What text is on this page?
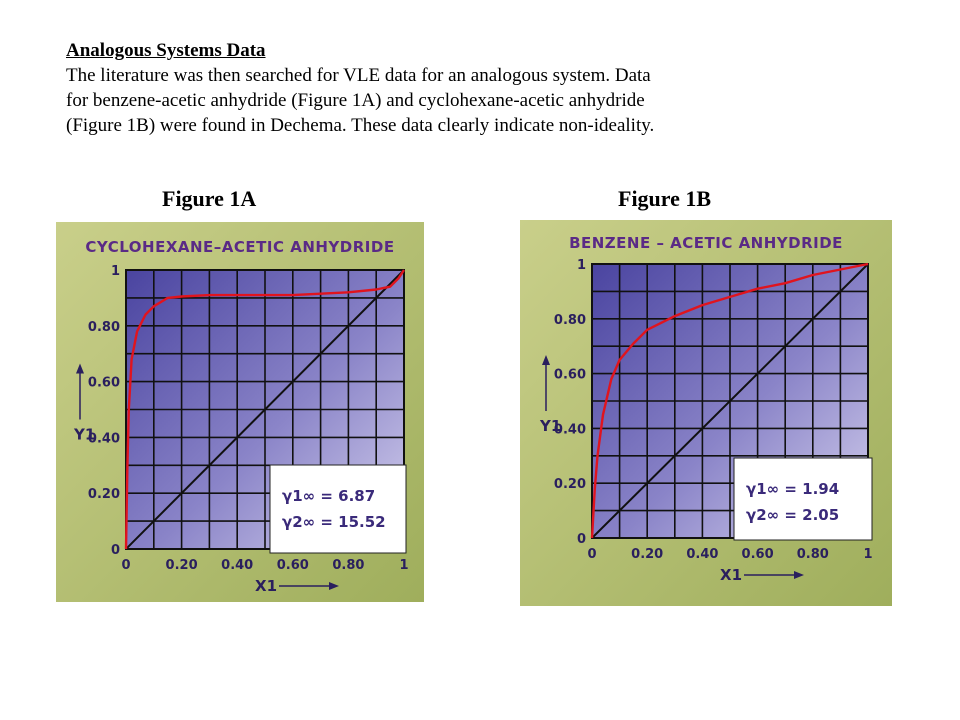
Analogous Systems Data
The literature was then searched for VLE data for an analogous system. Data
for benzene-acetic anhydride (Figure 1A) and cyclohexane-acetic anhydride
(Figure 1B) were found in Dechema. These data clearly indicate non-ideality.
Figure 1A	Figure 1B
CYCLOHEXANE–ACETIC ANHYDRIDE
γ1∞ = 6.87
γ2∞ = 15.52
0
0.20
0.40
0.60
0.80
1
0	0.20 0.40 0.60 0.80	1
Y1
X1
BENZENE – ACETIC ANHYDRIDE
γ1∞ = 1.94
γ2∞ = 2.05
0
0.20
0.40
0.60
0.80
1
0	0.20 0.40 0.60 0.80	1
Y1
X1
